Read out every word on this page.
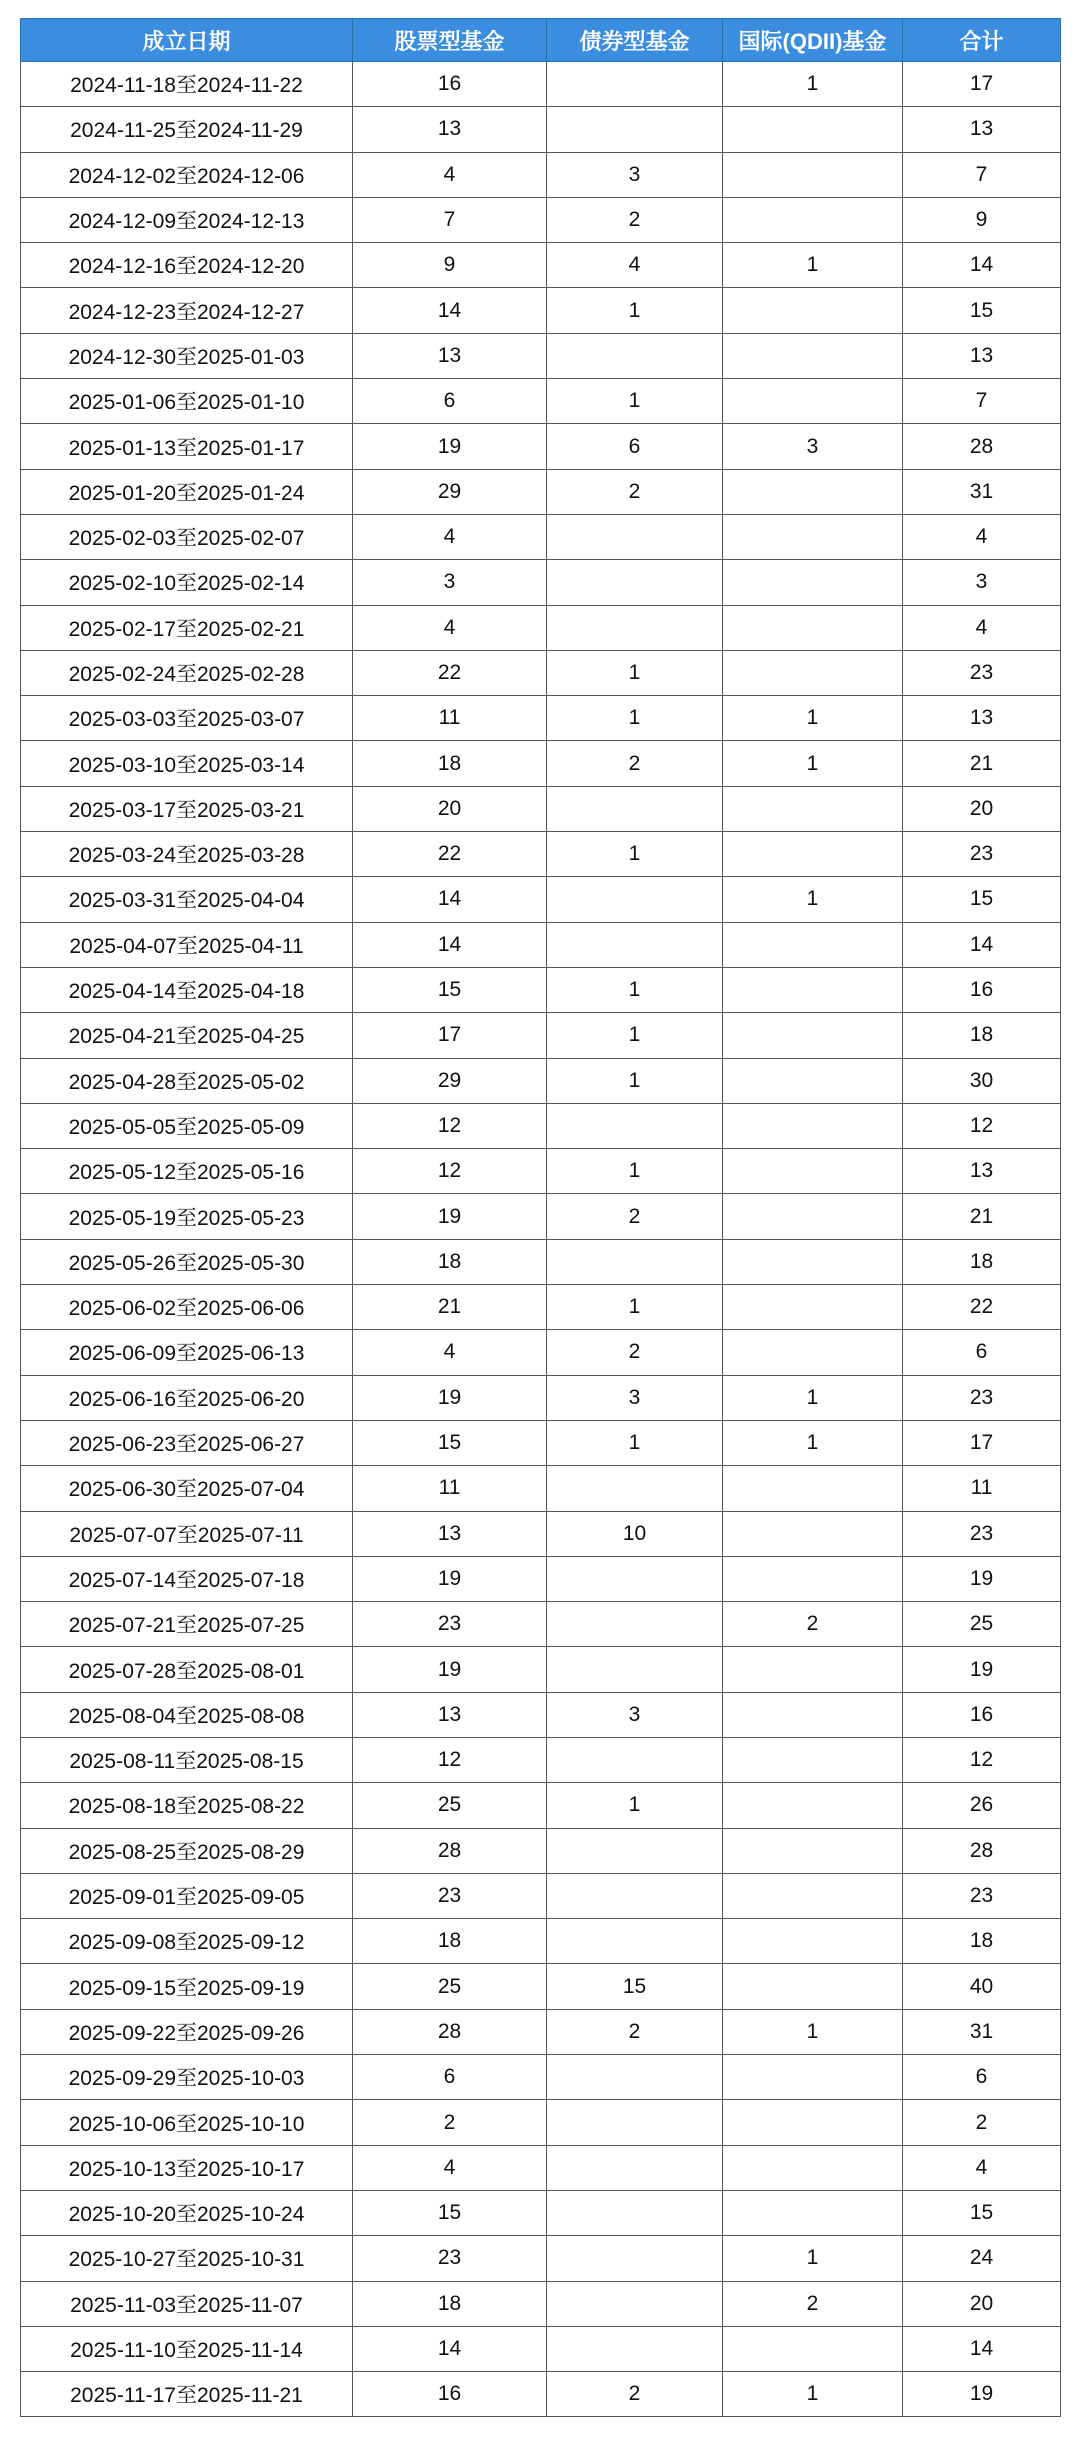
成立日期	股票型基金	债券型基金	国际(QDII)基金	合计
2024-11-18至2024-11-22	16		1	17
2024-11-25至2024-11-29	13			13
2024-12-02至2024-12-06	4	3		7
2024-12-09至2024-12-13	7	2		9
2024-12-16至2024-12-20	9	4	1	14
2024-12-23至2024-12-27	14	1		15
2024-12-30至2025-01-03	13			13
2025-01-06至2025-01-10	6	1		7
2025-01-13至2025-01-17	19	6	3	28
2025-01-20至2025-01-24	29	2		31
2025-02-03至2025-02-07	4			4
2025-02-10至2025-02-14	3			3
2025-02-17至2025-02-21	4			4
2025-02-24至2025-02-28	22	1		23
2025-03-03至2025-03-07	11	1	1	13
2025-03-10至2025-03-14	18	2	1	21
2025-03-17至2025-03-21	20			20
2025-03-24至2025-03-28	22	1		23
2025-03-31至2025-04-04	14		1	15
2025-04-07至2025-04-11	14			14
2025-04-14至2025-04-18	15	1		16
2025-04-21至2025-04-25	17	1		18
2025-04-28至2025-05-02	29	1		30
2025-05-05至2025-05-09	12			12
2025-05-12至2025-05-16	12	1		13
2025-05-19至2025-05-23	19	2		21
2025-05-26至2025-05-30	18			18
2025-06-02至2025-06-06	21	1		22
2025-06-09至2025-06-13	4	2		6
2025-06-16至2025-06-20	19	3	1	23
2025-06-23至2025-06-27	15	1	1	17
2025-06-30至2025-07-04	11			11
2025-07-07至2025-07-11	13	10		23
2025-07-14至2025-07-18	19			19
2025-07-21至2025-07-25	23		2	25
2025-07-28至2025-08-01	19			19
2025-08-04至2025-08-08	13	3		16
2025-08-11至2025-08-15	12			12
2025-08-18至2025-08-22	25	1		26
2025-08-25至2025-08-29	28			28
2025-09-01至2025-09-05	23			23
2025-09-08至2025-09-12	18			18
2025-09-15至2025-09-19	25	15		40
2025-09-22至2025-09-26	28	2	1	31
2025-09-29至2025-10-03	6			6
2025-10-06至2025-10-10	2			2
2025-10-13至2025-10-17	4			4
2025-10-20至2025-10-24	15			15
2025-10-27至2025-10-31	23		1	24
2025-11-03至2025-11-07	18		2	20
2025-11-10至2025-11-14	14			14
2025-11-17至2025-11-21	16	2	1	19
